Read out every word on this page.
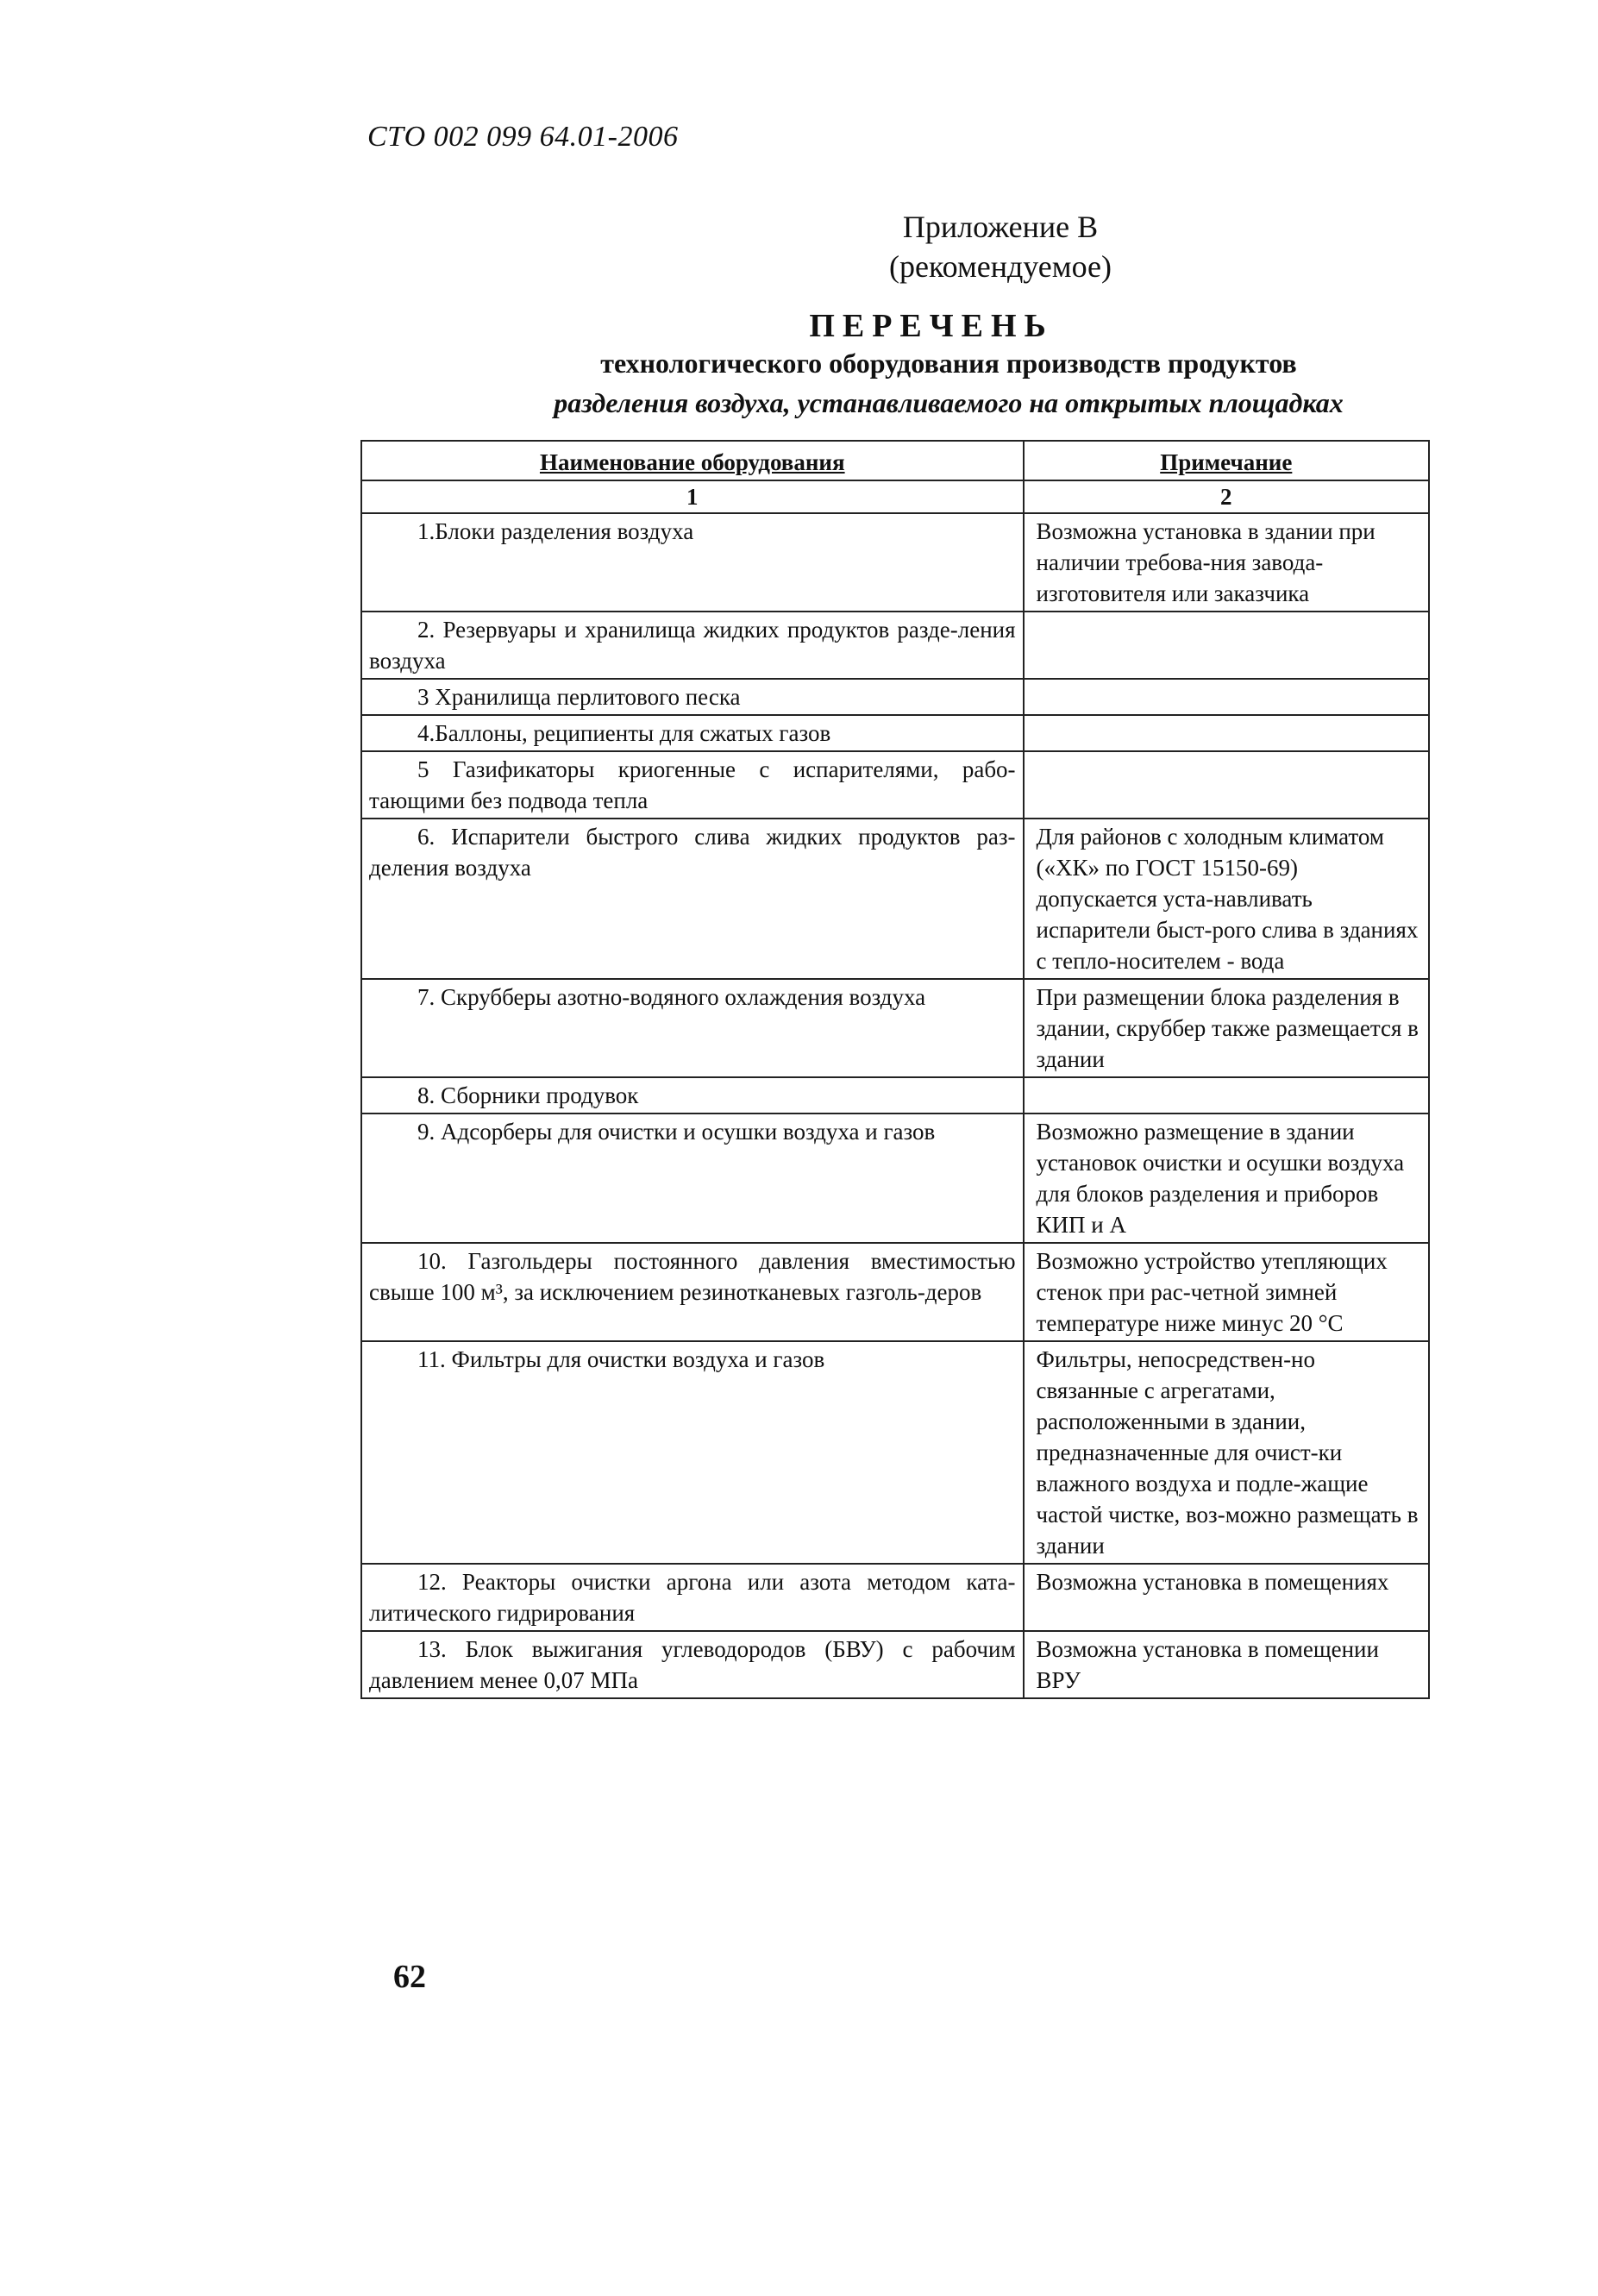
СТО 002 099 64.01-2006
Приложение В
(рекомендуемое)
ПЕРЕЧЕНЬ
технологического оборудования производств продуктов
разделения воздуха, устанавливаемого на открытых площадках
Наименование оборудования	Примечание
1	2
1.Блоки разделения воздуха	Возможна установка в здании при наличии требова-ния завода-изготовителя или заказчика
2. Резервуары и хранилища жидких продуктов разде-ления воздуха	
3 Хранилища перлитового песка	
4.Баллоны, реципиенты для сжатых газов	
5 Газификаторы криогенные с испарителями, рабо-тающими без подвода тепла	
6. Испарители быстрого слива жидких продуктов раз-деления воздуха	Для районов с холодным климатом («ХК» по ГОСТ 15150-69) допускается уста-навливать испарители быст-рого слива в зданиях с тепло-носителем - вода
7. Скрубберы азотно-водяного охлаждения воздуха	При размещении блока разделения в здании, скруббер также размещается в здании
8. Сборники продувок	
9. Адсорберы для очистки и осушки воздуха и газов	Возможно размещение в здании установок очистки и осушки воздуха для блоков разделения и приборов КИП и А
10. Газгольдеры постоянного давления вместимостью свыше 100 м³, за исключением резинотканевых газголь-деров	Возможно устройство утепляющих стенок при рас-четной зимней температуре ниже минус 20 °С
11. Фильтры для очистки воздуха и газов	Фильтры, непосредствен-но связанные с агрегатами, расположенными в здании, предназначенные для очист-ки влажного воздуха и подле-жащие частой чистке, воз-можно размещать в здании
12. Реакторы очистки аргона или азота методом ката-литического гидрирования	Возможна установка в помещениях
13. Блок выжигания углеводородов (БВУ) с рабочим давлением менее 0,07 МПа	Возможна установка в помещении ВРУ
62
